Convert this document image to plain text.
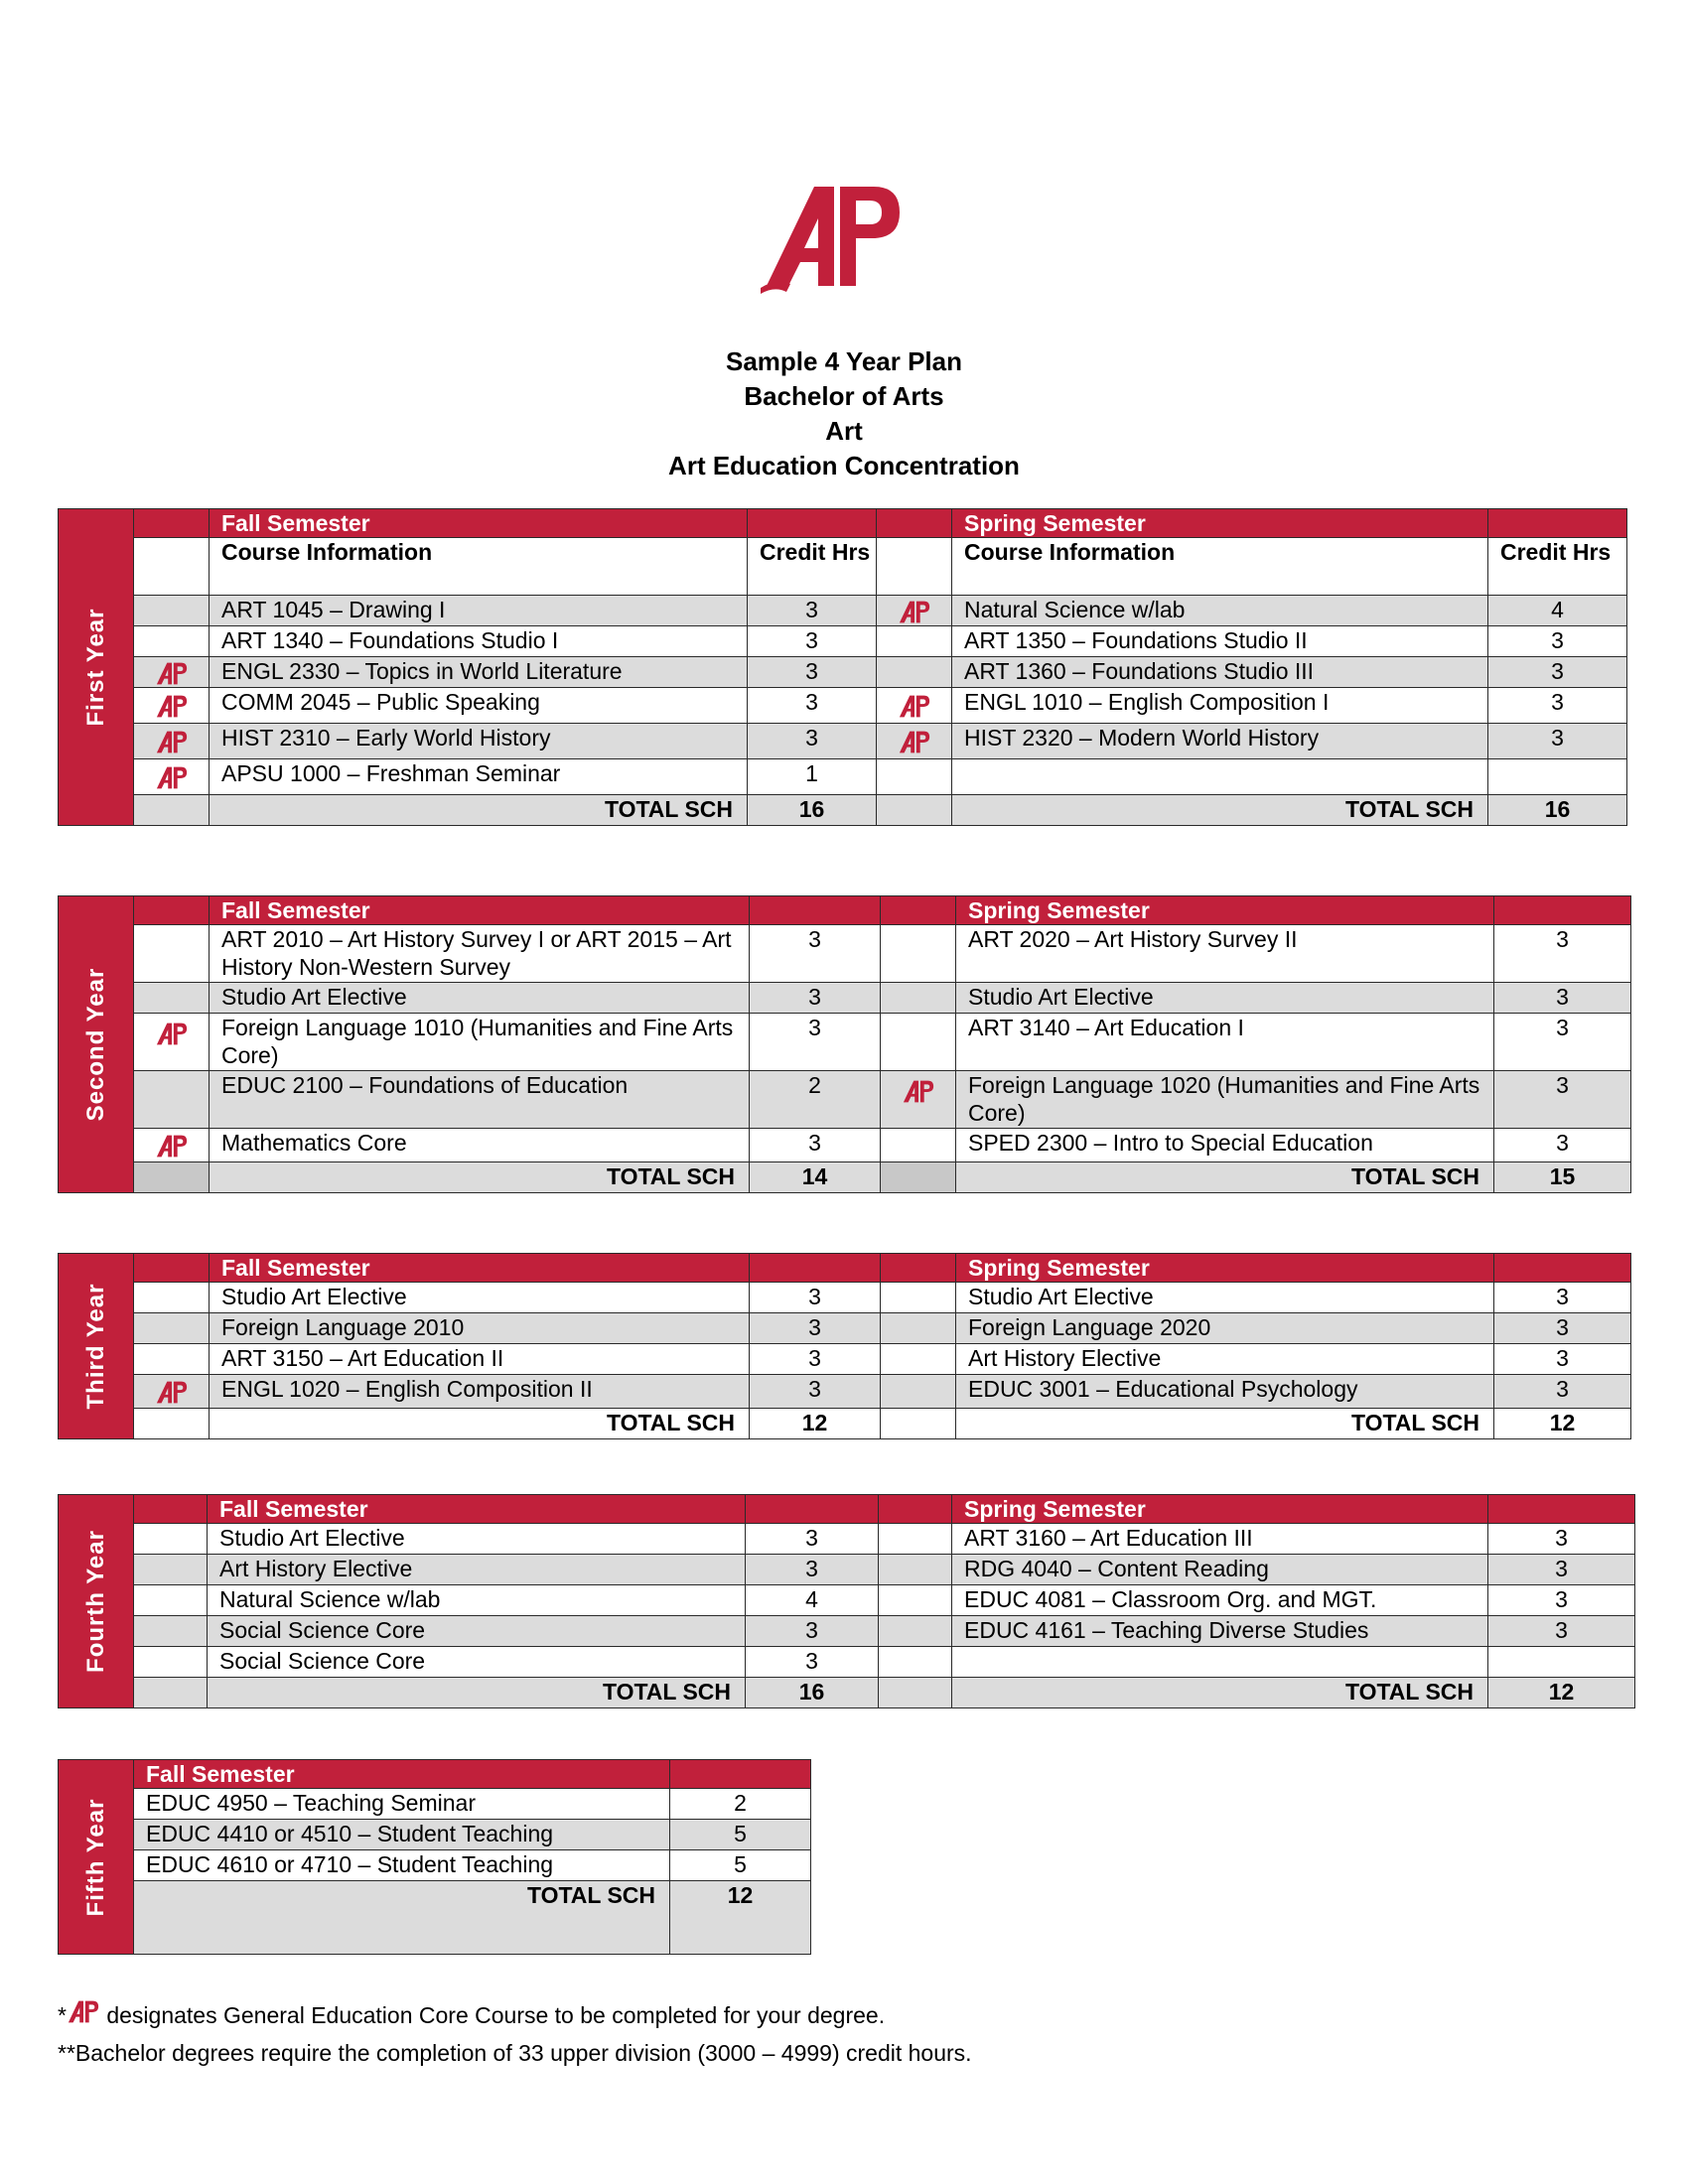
Sample 4 Year Plan
Bachelor of Arts
Art
Art Education Concentration
First Year		Fall Semester			Spring Semester	
		Course Information	Credit Hrs		Course Information	Credit Hrs
		ART 1045 – Drawing I	3		Natural Science w/lab	4
		ART 1340 – Foundations Studio I	3		ART 1350 – Foundations Studio II	3
	ENGL 2330 – Topics in World Literature	3		ART 1360 – Foundations Studio III	3
	COMM 2045 – Public Speaking	3		ENGL 1010 – English Composition I	3
	HIST 2310 – Early World History	3		HIST 2320 – Modern World History	3
	APSU 1000 – Freshman Seminar	1			
		TOTAL SCH	16		TOTAL SCH	16
Second Year		Fall Semester			Spring Semester	
		ART 2010 – Art History Survey I or ART 2015 – Art History Non-Western Survey	3		ART 2020 – Art History Survey II	3
		Studio Art Elective	3		Studio Art Elective	3
	Foreign Language 1010 (Humanities and Fine Arts Core)	3		ART 3140 – Art Education I	3
		EDUC 2100 – Foundations of Education	2		Foreign Language 1020 (Humanities and Fine Arts Core)	3
	Mathematics Core	3		SPED 2300 – Intro to Special Education	3
		TOTAL SCH	14		TOTAL SCH	15
Third Year		Fall Semester			Spring Semester	
		Studio Art Elective	3		Studio Art Elective	3
		Foreign Language 2010	3		Foreign Language 2020	3
		ART 3150 – Art Education II	3		Art History Elective	3
	ENGL 1020 – English Composition II	3		EDUC 3001 – Educational Psychology	3
		TOTAL SCH	12		TOTAL SCH	12
Fourth Year		Fall Semester			Spring Semester	
		Studio Art Elective	3		ART 3160 – Art Education III	3
		Art History Elective	3		RDG 4040 – Content Reading	3
		Natural Science w/lab	4		EDUC 4081 – Classroom Org. and MGT.	3
		Social Science Core	3		EDUC 4161 – Teaching Diverse Studies	3
		Social Science Core	3			
		TOTAL SCH	16		TOTAL SCH	12
Fifth Year	Fall Semester	
	EDUC 4950 – Teaching Seminar	2
	EDUC 4410 or 4510 – Student Teaching	5
	EDUC 4610 or 4710 – Student Teaching	5
	TOTAL SCH	12
* designates General Education Core Course to be completed for your degree.
**Bachelor degrees require the completion of 33 upper division (3000 – 4999) credit hours.
